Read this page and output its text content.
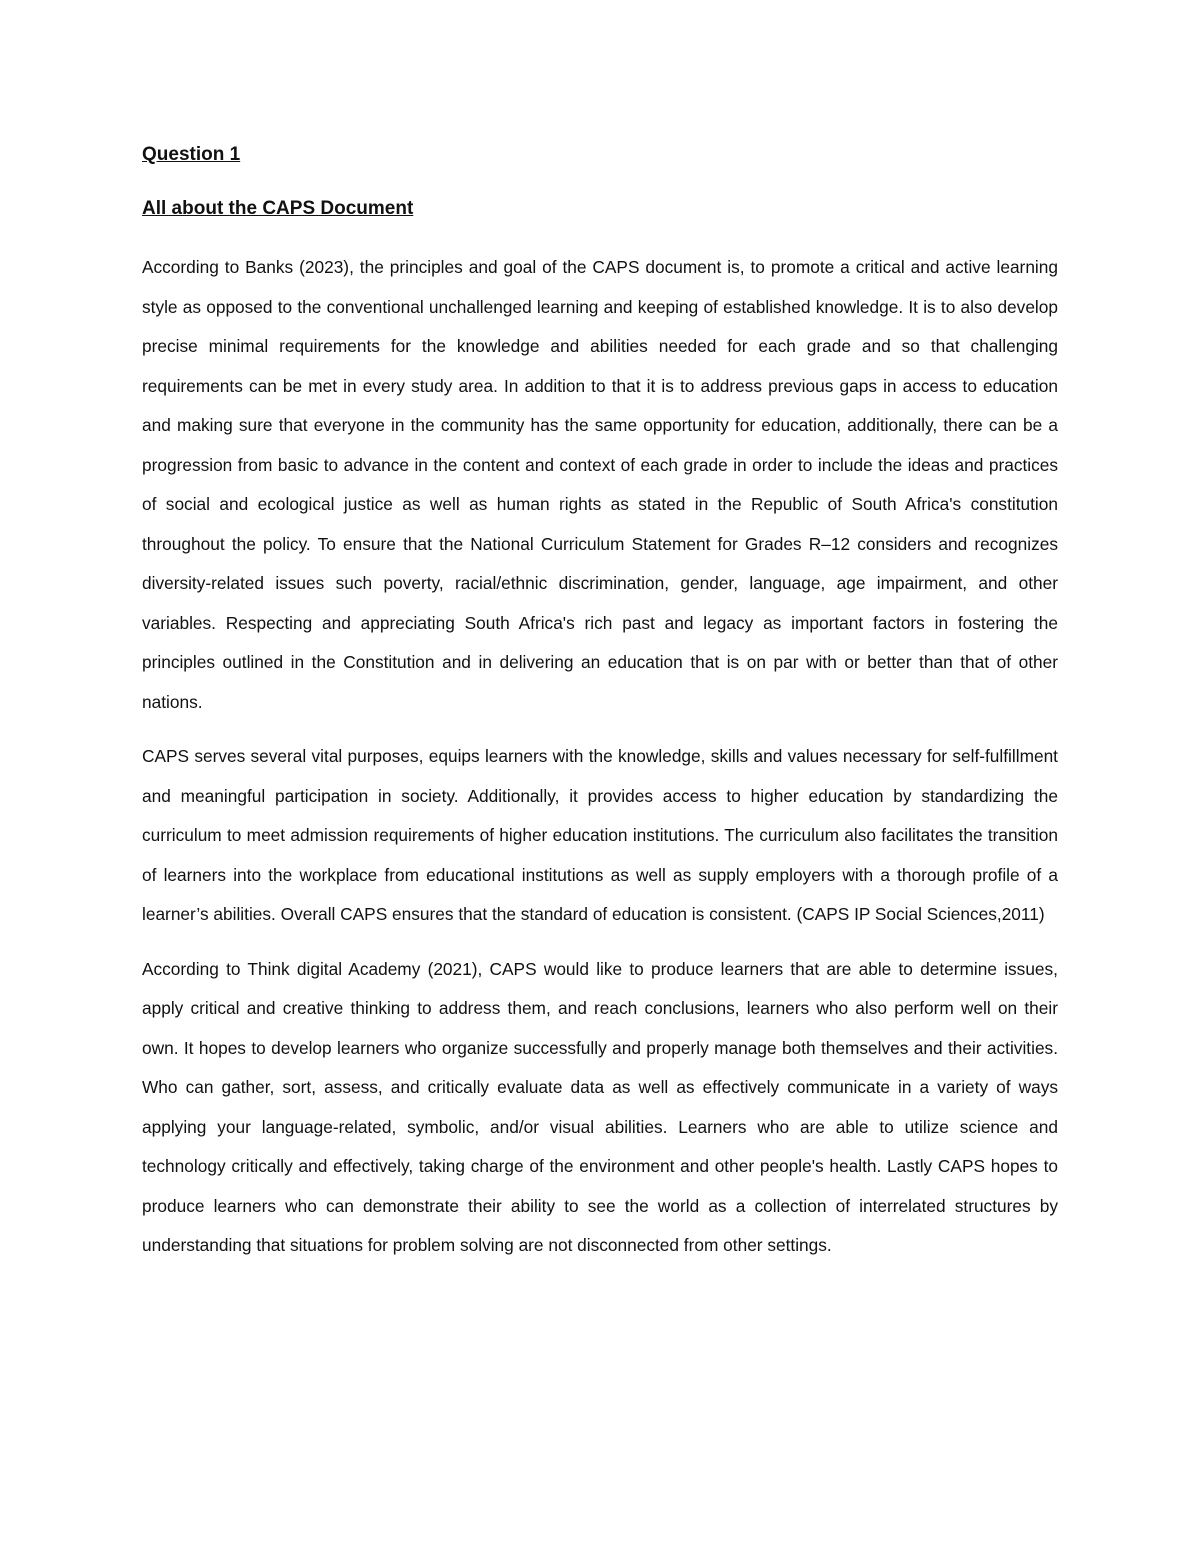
Question 1
All about the CAPS Document

According to Banks (2023), the principles and goal of the CAPS document is, to promote a critical and active learning style as opposed to the conventional unchallenged learning and keeping of established knowledge. It is to also develop precise minimal requirements for the knowledge and abilities needed for each grade and so that challenging requirements can be met in every study area. In addition to that it is to address previous gaps in access to education and making sure that everyone in the community has the same opportunity for education, additionally, there can be a progression from basic to advance in the content and context of each grade in order to include the ideas and practices of social and ecological justice as well as human rights as stated in the Republic of South Africa's constitution throughout the policy. To ensure that the National Curriculum Statement for Grades R–12 considers and recognizes diversity-related issues such poverty, racial/ethnic discrimination, gender, language, age impairment, and other variables. Respecting and appreciating South Africa's rich past and legacy as important factors in fostering the principles outlined in the Constitution and in delivering an education that is on par with or better than that of other nations.

CAPS serves several vital purposes, equips learners with the knowledge, skills and values necessary for self-fulfillment and meaningful participation in society. Additionally, it provides access to higher education by standardizing the curriculum to meet admission requirements of higher education institutions. The curriculum also facilitates the transition of learners into the workplace from educational institutions as well as supply employers with a thorough profile of a learner’s abilities. Overall CAPS ensures that the standard of education is consistent. (CAPS IP Social Sciences,2011)

According to Think digital Academy (2021), CAPS would like to produce learners that are able to determine issues, apply critical and creative thinking to address them, and reach conclusions, learners who also perform well on their own. It hopes to develop learners who organize successfully and properly manage both themselves and their activities. Who can gather, sort, assess, and critically evaluate data as well as effectively communicate in a variety of ways applying your language-related, symbolic, and/or visual abilities. Learners who are able to utilize science and technology critically and effectively, taking charge of the environment and other people's health. Lastly CAPS hopes to produce learners who can demonstrate their ability to see the world as a collection of interrelated structures by understanding that situations for problem solving are not disconnected from other settings.
